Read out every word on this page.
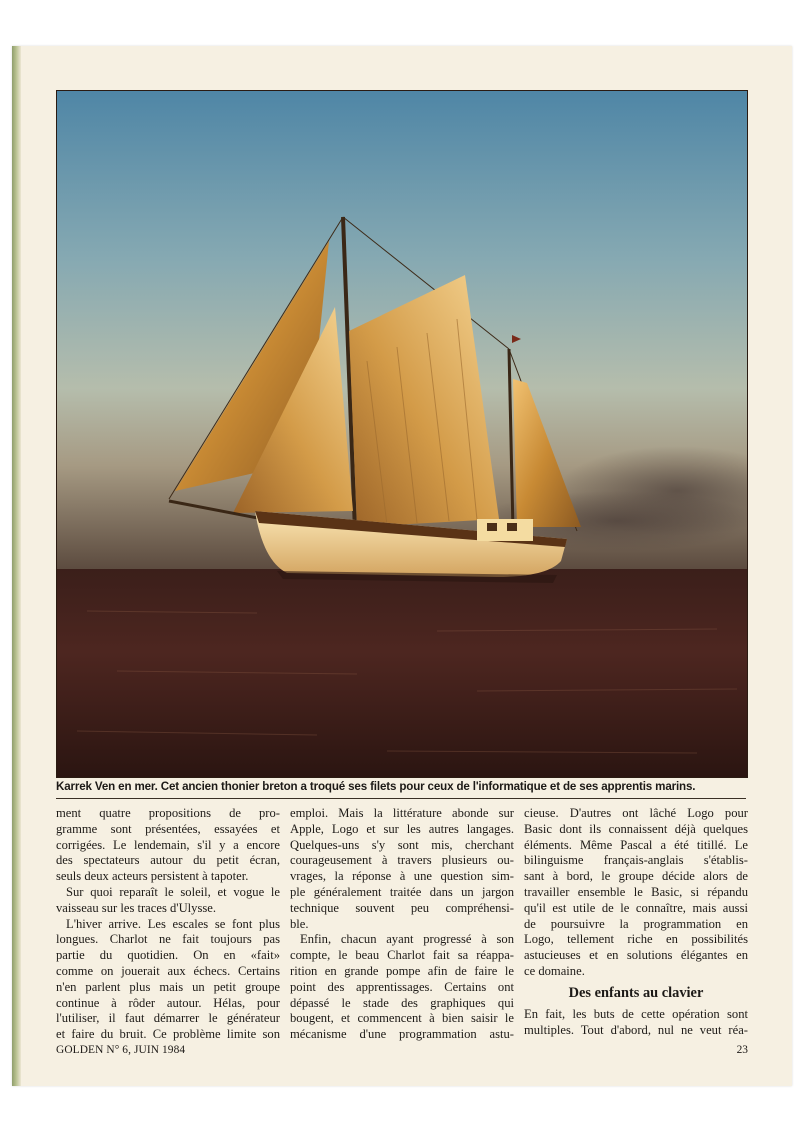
Karrek Ven en mer. Cet ancien thonier breton a troqué ses filets pour ceux de l'informatique et de ses apprentis marins.
ment quatre propositions de pro-
gramme sont présentées, essayées et
corrigées. Le lendemain, s'il y a encore
des spectateurs autour du petit écran,
seuls deux acteurs persistent à tapoter.
Sur quoi reparaît le soleil, et vogue le
vaisseau sur les traces d'Ulysse.
L'hiver arrive. Les escales se font plus
longues. Charlot ne fait toujours pas
partie du quotidien. On en «fait»
comme on jouerait aux échecs. Certains
n'en parlent plus mais un petit groupe
continue à rôder autour. Hélas, pour
l'utiliser, il faut démarrer le générateur
et faire du bruit. Ce problème limite son
emploi. Mais la littérature abonde sur
Apple, Logo et sur les autres langages.
Quelques-uns s'y sont mis, cherchant
courageusement à travers plusieurs ou-
vrages, la réponse à une question sim-
ple généralement traitée dans un jargon
technique souvent peu compréhensi-
ble.
Enfin, chacun ayant progressé à son
compte, le beau Charlot fait sa réappa-
rition en grande pompe afin de faire le
point des apprentissages. Certains ont
dépassé le stade des graphiques qui
bougent, et commencent à bien saisir le
mécanisme d'une programmation astu-
cieuse. D'autres ont lâché Logo pour
Basic dont ils connaissent déjà quelques
éléments. Même Pascal a été titillé. Le
bilinguisme français-anglais s'établis-
sant à bord, le groupe décide alors de
travailler ensemble le Basic, si répandu
qu'il est utile de le connaître, mais aussi
de poursuivre la programmation en
Logo, tellement riche en possibilités
astucieuses et en solutions élégantes en
ce domaine.
Des enfants au clavier
En fait, les buts de cette opération sont
multiples. Tout d'abord, nul ne veut réa-
GOLDEN N° 6, JUIN 1984	23
